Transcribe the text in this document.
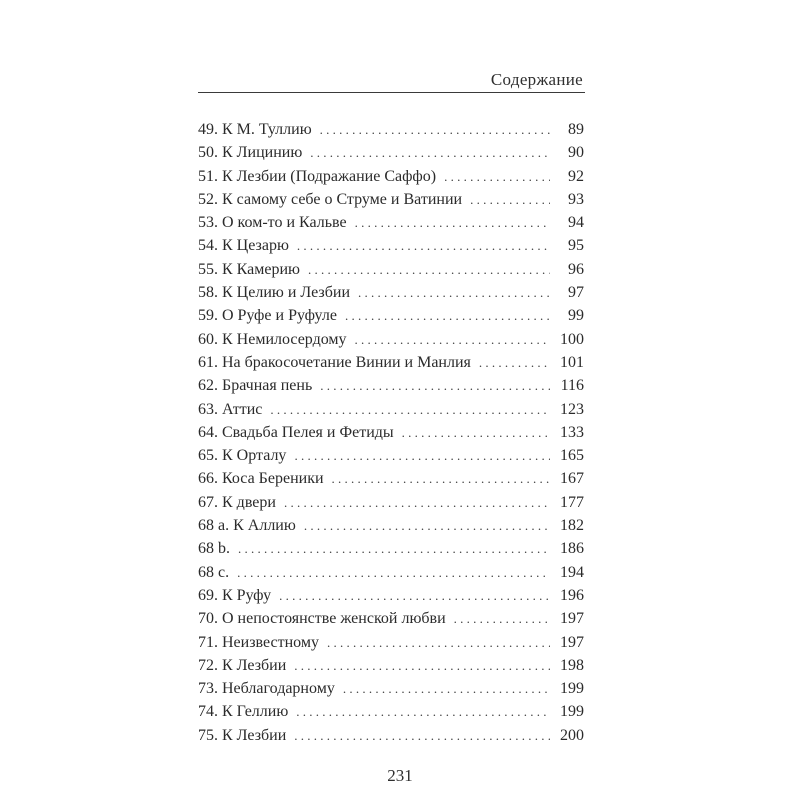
Содержание
49. К М. Туллию . . .	89
50. К Лицинию . . .	90
51. К Лезбии (Подражание Саффо) . . .	92
52. К самому себе о Струме и Ватинии . . .	93
53. О ком-то и Кальве . . .	94
54. К Цезарю . . .	95
55. К Камерию . . .	96
58. К Целию и Лезбии . . .	97
59. О Руфе и Руфуле . . .	99
60. К Немилосердому . . .	100
61. На бракосочетание Винии и Манлия . . .	101
62. Брачная пень . . .	116
63. Аттис . . .	123
64. Свадьба Пелея и Фетиды . . .	133
65. К Орталу . . .	165
66. Коса Береники . . .	167
67. К двери . . .	177
68 a. К Аллию . . .	182
68 b. . . .	186
68 c. . . .	194
69. К Руфу . . .	196
70. О непостоянстве женской любви . . .	197
71. Неизвестному . . .	197
72. К Лезбии . . .	198
73. Неблагодарному . . .	199
74. К Геллию . . .	199
75. К Лезбии . . .	200
231
